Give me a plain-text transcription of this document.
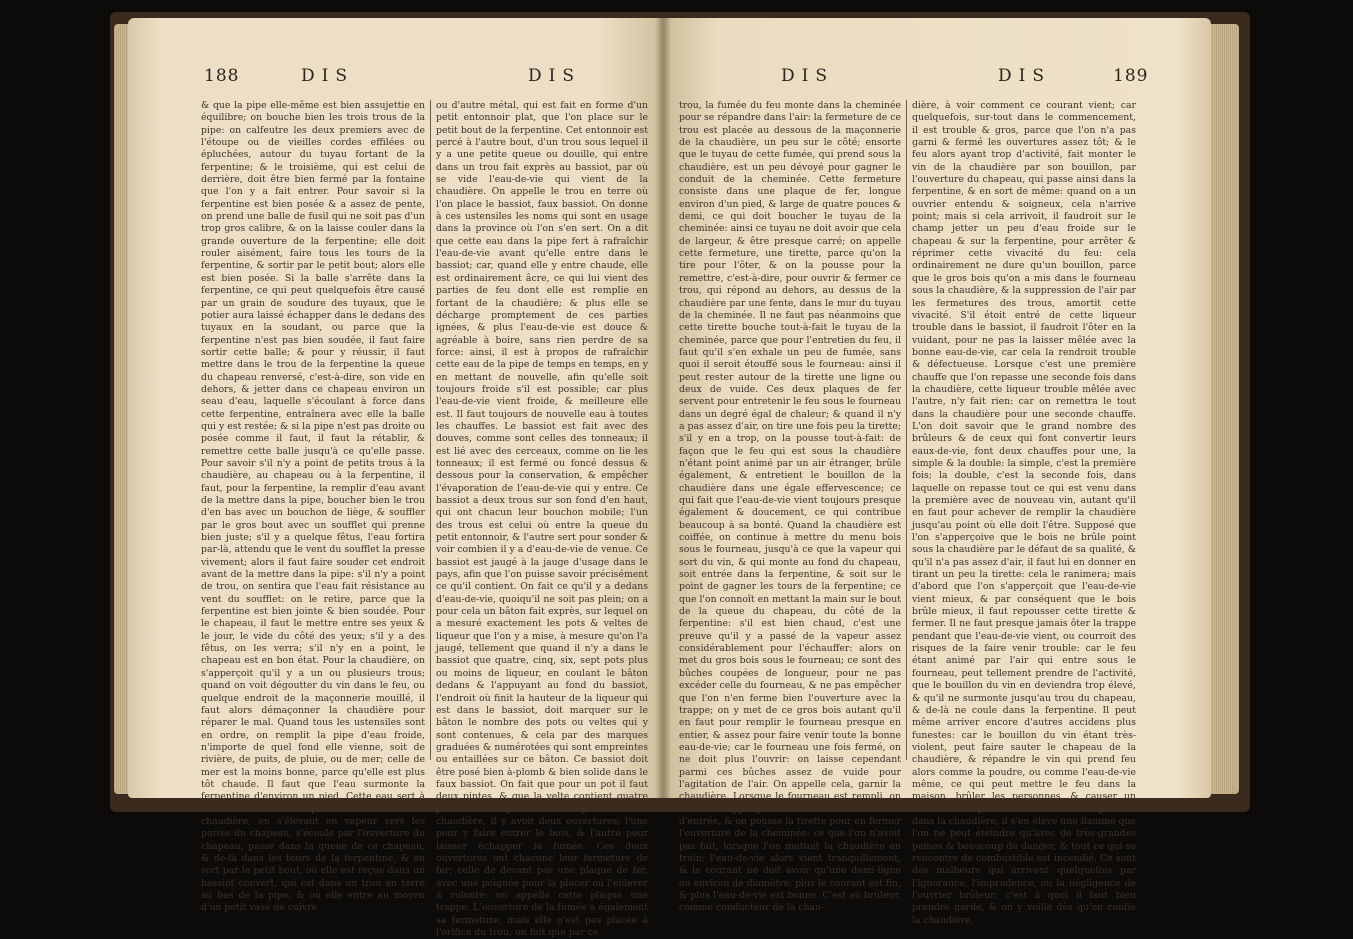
188	DIS	DIS

& que la pipe elle-même est bien assujettie en équilibre; on bouche bien les trois trous de la pipe: on calfeutre les deux premiers avec de l'étoupe ou de vieilles cordes effilées ou épluchées, autour du tuyau fortant de la ferpentine; & le troisième, qui est celui de derrière, doit être bien fermé par la fontaine que l'on y a fait entrer. Pour savoir si la ferpentine est bien posée & a assez de pente, on prend une balle de fusil qui ne soit pas d'un trop gros calibre, & on la laisse couler dans la grande ouverture de la ferpentine; elle doit rouler aisément, faire tous les tours de la ferpentine, & sortir par le petit bout; alors elle est bien posée. Si la balle s'arrête dans la ferpentine, ce qui peut quelquefois être causé par un grain de soudure des tuyaux, que le potier aura laissé échapper dans le dedans des tuyaux en la soudant, ou parce que la ferpentine n'est pas bien soudée, il faut faire sortir cette balle; & pour y réussir, il faut mettre dans le trou de la ferpentine la queue du chapeau renversé, c'est-à-dire, son vide en dehors, & jetter dans ce chapeau environ un seau d'eau, laquelle s'écoulant à force dans cette ferpentine, entraînera avec elle la balle qui y est restée; & si la pipe n'est pas droite ou posée comme il faut, il faut la rétablir, & remettre cette balle jusqu'à ce qu'elle passe. Pour savoir s'il n'y a point de petits trous à la chaudière, au chapeau ou à la ferpentine, il faut, pour la ferpentine, la remplir d'eau avant de la mettre dans la pipe, boucher bien le trou d'en bas avec un bouchon de liège, & souffler par le gros bout avec un soufflet qui prenne bien juste; s'il y a quelque fêtus, l'eau fortira par-là, attendu que le vent du soufflet la presse vivement; alors il faut faire souder cet endroit avant de la mettre dans la pipe: s'il n'y a point de trou, on sentira que l'eau fait résistance au vent du soufflet: on le retire, parce que la ferpentine est bien jointe & bien soudée. Pour le chapeau, il faut le mettre entre ses yeux & le jour, le vide du côté des yeux; s'il y a des fêtus, on les verra; s'il n'y en a point, le chapeau est en bon état. Pour la chaudière, on s'apperçoit qu'il y a un ou plusieurs trous; quand on voit dégoutter du vin dans le feu, ou quelque endroit de la maçonnerie mouillé, il faut alors démaçonner la chaudière pour réparer le mal. Quand tous les ustensiles sont en ordre, on remplit la pipe d'eau froide, n'importe de quel fond elle vienne, soit de rivière, de puits, de pluie, ou de mer; celle de mer est la moins bonne, parce qu'elle est plus tôt chaude. Il faut que l'eau surmonte la ferpentine d'environ un pied. Cette eau sert à rafraîchir l'eau-de-vie qui sort bouillante de la chaudière, en s'élevant en vapeur vers les parois du chapeau, s'écoule par l'ouverture du chapeau, passe dans la queue de ce chapeau, & de-là dans les tours de la ferpentine, & en sort par le petit bout, où elle est reçue dans un bassiot convert, qui est dans un trou en terre au bas de la pipe, & où elle entre au moyen d'un petit vase de cuivre

ou d'autre métal, qui est fait en forme d'un petit entonnoir plat, que l'on place sur le petit bout de la ferpentine. Cet entonnoir est percé à l'autre bout, d'un trou sous lequel il y a une petite queue ou douille, qui entre dans un trou fait exprès au bassiot, par où se vide l'eau-de-vie qui vient de la chaudière. On appelle le trou en terre où l'on place le bassiot, faux bassiot. On donne à ces ustensiles les noms qui sont en usage dans la province où l'on s'en sert. On a dit que cette eau dans la pipe fert à rafraîchir l'eau-de-vie avant qu'elle entre dans le bassiot; car, quand elle y entre chaude, elle est ordinairement âcre, ce qui lui vient des parties de feu dont elle est remplie en fortant de la chaudière; & plus elle se décharge promptement de ces parties ignées, & plus l'eau-de-vie est douce & agréable à boire, sans rien perdre de sa force: ainsi, il est à propos de rafraîchir cette eau de la pipe de temps en temps, en y en mettant de nouvelle, afin qu'elle soit toujours froide s'il est possible; car plus l'eau-de-vie vient froide, & meilleure elle est. Il faut toujours de nouvelle eau à toutes les chauffes. Le bassiot est fait avec des douves, comme sont celles des tonneaux; il est lié avec des cerceaux, comme on lie les tonneaux; il est fermé ou foncé dessus & dessous pour la conservation, & empêcher l'évaporation de l'eau-de-vie qui y entre. Ce bassiot a deux trous sur son fond d'en haut, qui ont chacun leur bouchon mobile; l'un des trous est celui où entre la queue du petit entonnoir, & l'autre sert pour sonder & voir combien il y a d'eau-de-vie de venue. Ce bassiot est jaugé à la jauge d'usage dans le pays, afin que l'on puisse savoir précisément ce qu'il contient. On fait ce qu'il y a dedans d'eau-de-vie, quoiqu'il ne soit pas plein; on a pour cela un bâton fait exprès, sur lequel on a mesuré exactement les pots & veltes de liqueur que l'on y a mise, à mesure qu'on l'a jaugé, tellement que quand il n'y a dans le bassiot que quatre, cinq, six, sept pots plus ou moins de liqueur, en coulant le bâton dedans & l'appuyant au fond du bassiot, l'endroit où finit la hauteur de la liqueur qui est dans le bassiot, doit marquer sur le bâton le nombre des pots ou veltes qui y sont contenues, & cela par des marques graduées & numérotées qui sont empreintes ou entaillées sur ce bâton. Ce bassiot doit être posé bien à-plomb & bien solide dans le faux bassiot. On fait que pour un pot il faut deux pintes, & que la velte contient quatre pots. On a dit qu'au fourneau qui est sous la chaudière, il y avoit deux ouvertures; l'une pour y faire entrer le bois, & l'autre pour laisser échapper la fumée. Ces deux ouvertures ont chacune leur fermeture de fer; celle de devant par une plaque de fer, avec une poignée pour la placer ou l'enlever à volonté: on appelle cette plaque une trappe. L'ouverture de la fumée a également sa fermeture, mais elle n'est pas placée à l'orifice du trou; on fait que par ce

DIS	DIS	189

trou, la fumée du feu monte dans la cheminée pour se répandre dans l'air: la fermeture de ce trou est placée au dessous de la maçonnerie de la chaudière, un peu sur le côté; ensorte que le tuyau de cette fumée, qui prend sous la chaudière, est un peu dévoyé pour gagner le conduit de la cheminée. Cette fermeture consiste dans une plaque de fer, longue environ d'un pied, & large de quatre pouces & demi, ce qui doit boucher le tuyau de la cheminée: ainsi ce tuyau ne doit avoir que cela de largeur, & être presque carré; on appelle cette fermeture, une tirette, parce qu'on la tire pour l'ôter, & on la pousse pour la remettre, c'est-à-dire, pour ouvrir & fermer ce trou, qui répond au dehors, au dessus de la chaudière par une fente, dans le mur du tuyau de la cheminée. Il ne faut pas néanmoins que cette tirette bouche tout-à-fait le tuyau de la cheminée, parce que pour l'entretien du feu, il faut qu'il s'en exhale un peu de fumée, sans quoi il seroit étouffé sous le fourneau: ainsi il peut rester autour de la tirette une ligne ou deux de vuide. Ces deux plaques de fer servent pour entretenir le feu sous le fourneau dans un degré égal de chaleur; & quand il n'y a pas assez d'air, on tire une fois peu la tirette; s'il y en a trop, on la pousse tout-à-fait: de façon que le feu qui est sous la chaudière n'étant point animé par un air étranger, brûle également, & entretient le bouillon de la chaudière dans une égale effervescence; ce qui fait que l'eau-de-vie vient toujours presque également & doucement, ce qui contribue beaucoup à sa bonté. Quand la chaudière est coiffée, on continue à mettre du menu bois sous le fourneau, jusqu'à ce que la vapeur qui sort du vin, & qui monte au fond du chapeau, soit entrée dans la ferpentine, & soit sur le point de gagner les tours de la ferpentine; ce que l'on connoît en mettant la main sur le bout de la queue du chapeau, du côté de la ferpentine: s'il est bien chaud, c'est une preuve qu'il y a passé de la vapeur assez considérablement pour l'échauffer: alors on met du gros bois sous le fourneau; ce sont des bûches coupées de longueur, pour ne pas excéder celle du fourneau, & ne pas empêcher que l'on n'en ferme bien l'ouverture avec la trappe; on y met de ce gros bois autant qu'il en faut pour remplir le fourneau presque en entier, & assez pour faire venir toute la bonne eau-de-vie; car le fourneau une fois fermé, on ne doit plus l'ouvrir: on laisse cependant parmi ces bûches assez de vuide pour l'agitation de l'air. On appelle cela, garnir la chaudière. Lorsque le fourneau est rempli, on met la trappe pour en boucher l'ouverture d'entrée, & on pousse la tirette pour en fermer l'ouverture de la cheminée: ce que l'on n'avoit pas fait, lorsque l'on mettoit la chaudière en train; l'eau-de-vie alors vient tranquillement, & le courant ne doit avoir qu'une demi-ligne ou environ de diamètre: plus le courant est fin, & plus l'eau-de-vie est bonne. C'est au brûleur, comme conducteur de la chau-

dière, à voir comment ce courant vient; car quelquefois, sur-tout dans le commencement, il est trouble & gros, parce que l'on n'a pas garni & fermé les ouvertures assez tôt; & le feu alors ayant trop d'activité, fait monter le vin de la chaudière par son bouillon, par l'ouverture du chapeau, qui passe ainsi dans la ferpentine, & en sort de même: quand on a un ouvrier entendu & soigneux, cela n'arrive point; mais si cela arrivoit, il faudroit sur le champ jetter un peu d'eau froide sur le chapeau & sur la ferpentine, pour arrêter & réprimer cette vivacité du feu: cela ordinairement ne dure qu'un bouillon, parce que le gros bois qu'on a mis dans le fourneau sous la chaudière, & la suppression de l'air par les fermetures des trous, amortit cette vivacité. S'il étoit entré de cette liqueur trouble dans le bassiot, il faudroit l'ôter en la vuidant, pour ne pas la laisser mêlée avec la bonne eau-de-vie, car cela la rendroit trouble & défectueuse. Lorsque c'est une première chauffe que l'on repasse une seconde fois dans la chaudière, cette liqueur trouble mêlée avec l'autre, n'y fait rien: car on remettra le tout dans la chaudière pour une seconde chauffe. L'on doit savoir que le grand nombre des brûleurs & de ceux qui font convertir leurs eaux-de-vie, font deux chauffes pour une, la simple & la double: la simple, c'est la première fois; la double, c'est la seconde fois, dans laquelle on repasse tout ce qui est venu dans la première avec de nouveau vin, autant qu'il en faut pour achever de remplir la chaudière jusqu'au point où elle doit l'être. Supposé que l'on s'apperçoive que le bois ne brûle point sous la chaudière par le défaut de sa qualité, & qu'il n'a pas assez d'air, il faut lui en donner en tirant un peu la tirette: cela le ranimera; mais d'abord que l'on s'apperçoit que l'eau-de-vie vient mieux, & par conséquent que le bois brûle mieux, il faut repousser cette tirette & fermer. Il ne faut presque jamais ôter la trappe pendant que l'eau-de-vie vient, ou courroit des risques de la faire venir trouble: car le feu étant animé par l'air qui entre sous le fourneau, peut tellement prendre de l'activité, que le bouillon du vin en deviendra trop élevé, & qu'il ne surmonte jusqu'au trou du chapeau, & de-là ne coule dans la ferpentine. Il peut même arriver encore d'autres accidens plus funestes: car le bouillon du vin étant très-violent, peut faire sauter le chapeau de la chaudière, & répandre le vin qui prend feu alors comme la poudre, ou comme l'eau-de-vie même, ce qui peut mettre le feu dans la maison, brûler les personnes, & causer un incendie des plus fâcheux; car le feu prenant dans la chaudière, il s'en élève une flamme que l'on ne peut éteindre qu'avec de très-grandes peines & beaucoup de danger, & tout ce qui se rencontre de combustible est incendié. Ce sont des malheurs qui arrivent quelquefois par l'ignorance, l'imprudence, ou la négligence de l'ouvrier brûleur; c'est à quoi il faut bien prendre garde, & on y veille dès qu'on confie la chaudière,
